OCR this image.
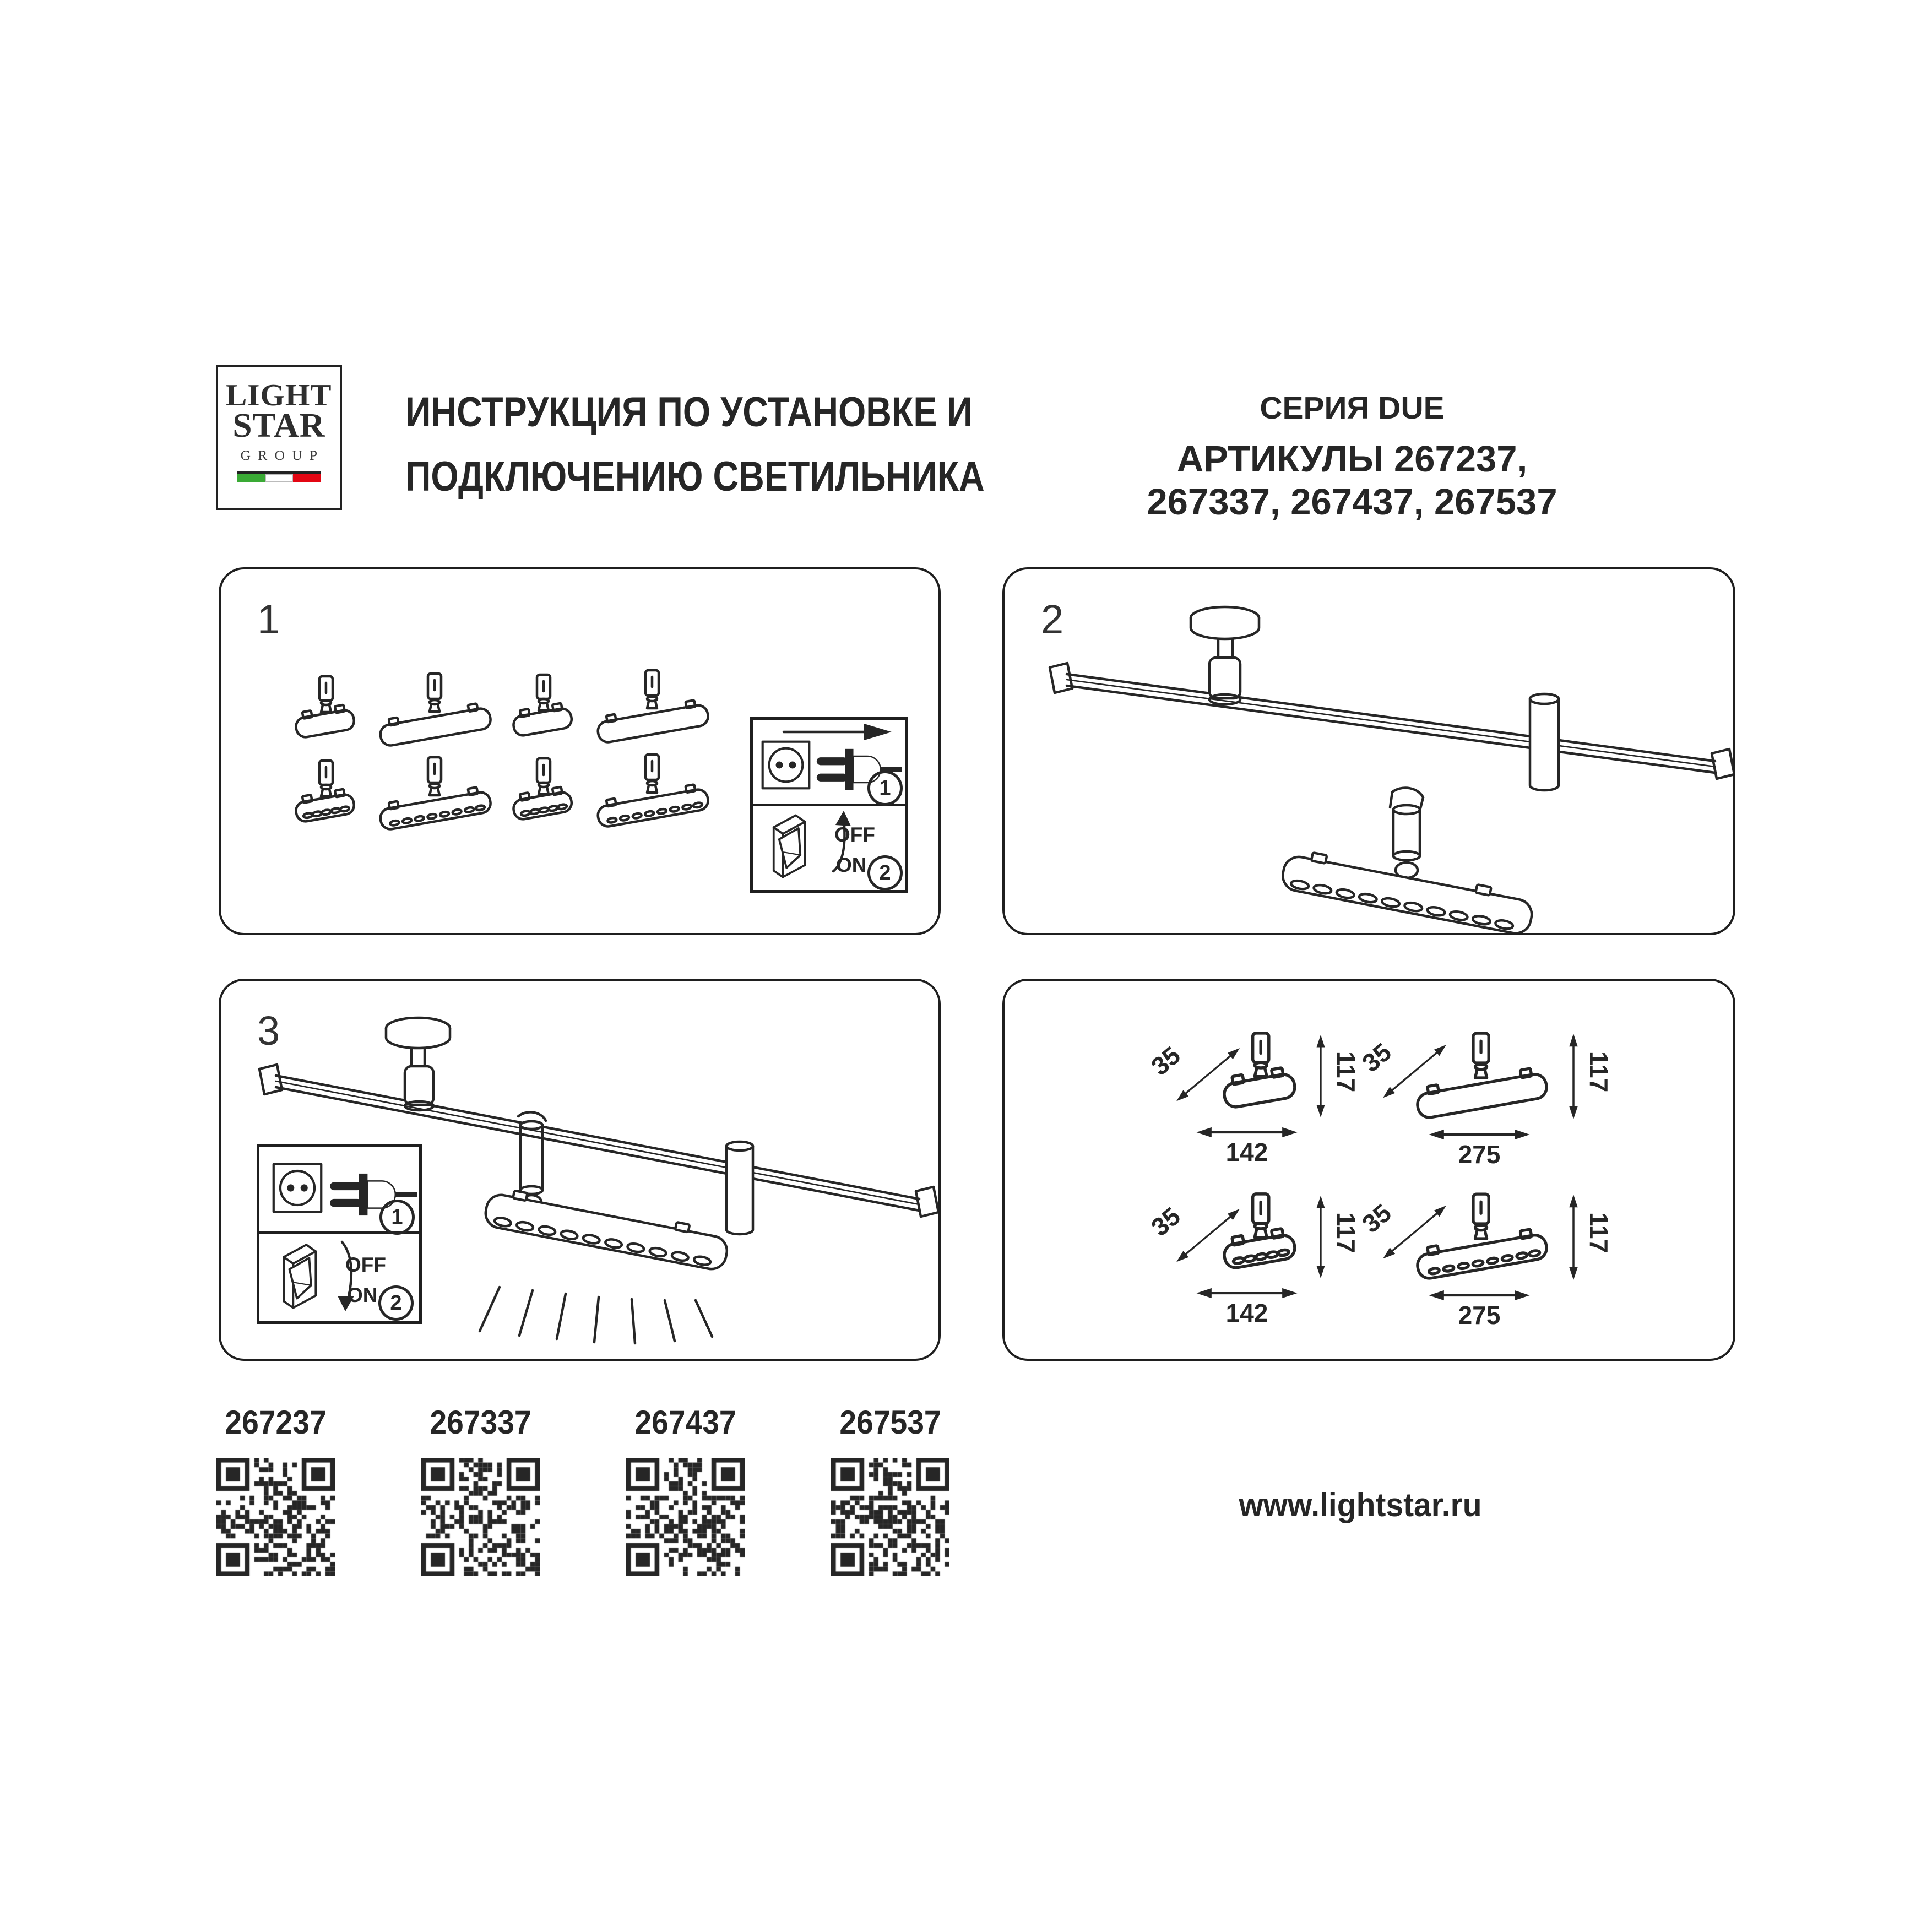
LIGHT
STAR
GROUP
ИНСТРУКЦИЯ ПО УСТАНОВКЕ И
ПОДКЛЮЧЕНИЮ СВЕТИЛЬНИКА
СЕРИЯ DUE
АРТИКУЛЫ 267237,
267337, 267437, 267537
1
1
OFF
ON 2
2
3
1
OFF
ON 2
35	117
142
35	117
275
35	117
142
35	117
275
267237	267337	267437	267537
www.lightstar.ru
